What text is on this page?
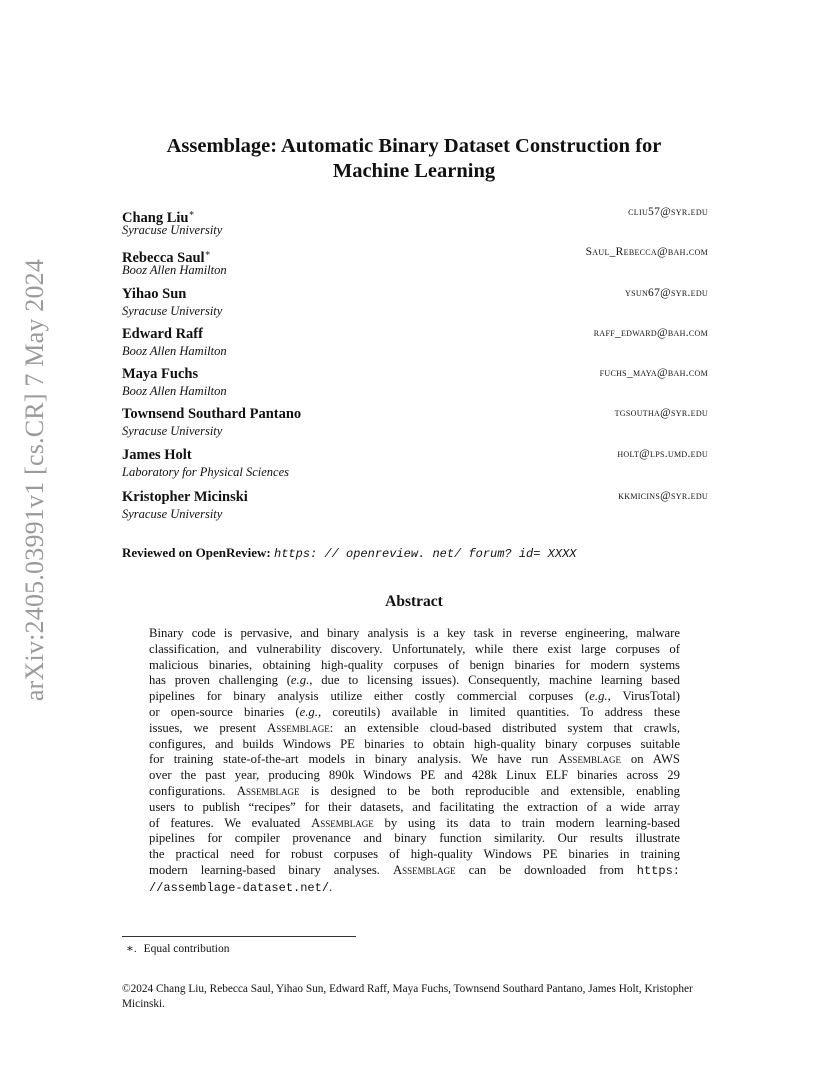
arXiv:2405.03991v1 [cs.CR] 7 May 2024
Assemblage: Automatic Binary Dataset Construction for
Machine Learning
Chang Liu∗
Syracuse University
cliu57@syr.edu
Rebecca Saul∗
Booz Allen Hamilton
Saul_Rebecca@bah.com
Yihao Sun
Syracuse University
ysun67@syr.edu
Edward Raff
Booz Allen Hamilton
raff_edward@bah.com
Maya Fuchs
Booz Allen Hamilton
fuchs_maya@bah.com
Townsend Southard Pantano
Syracuse University
tgsoutha@syr.edu
James Holt
Laboratory for Physical Sciences
holt@lps.umd.edu
Kristopher Micinski
Syracuse University
kkmicins@syr.edu
Reviewed on OpenReview: https: // openreview. net/ forum? id= XXXX
Abstract
Binary code is pervasive, and binary analysis is a key task in reverse engineering, malware
classification, and vulnerability discovery. Unfortunately, while there exist large corpuses of
malicious binaries, obtaining high-quality corpuses of benign binaries for modern systems
has proven challenging (e.g., due to licensing issues). Consequently, machine learning based
pipelines for binary analysis utilize either costly commercial corpuses (e.g., VirusTotal)
or open-source binaries (e.g., coreutils) available in limited quantities. To address these
issues, we present Assemblage: an extensible cloud-based distributed system that crawls,
configures, and builds Windows PE binaries to obtain high-quality binary corpuses suitable
for training state-of-the-art models in binary analysis. We have run Assemblage on AWS
over the past year, producing 890k Windows PE and 428k Linux ELF binaries across 29
configurations. Assemblage is designed to be both reproducible and extensible, enabling
users to publish “recipes” for their datasets, and facilitating the extraction of a wide array
of features. We evaluated Assemblage by using its data to train modern learning-based
pipelines for compiler provenance and binary function similarity. Our results illustrate
the practical need for robust corpuses of high-quality Windows PE binaries in training
modern learning-based binary analyses. Assemblage can be downloaded from https:
//assemblage-dataset.net/.
∗. Equal contribution
©2024 Chang Liu, Rebecca Saul, Yihao Sun, Edward Raff, Maya Fuchs, Townsend Southard Pantano, James Holt, Kristopher Micinski.
